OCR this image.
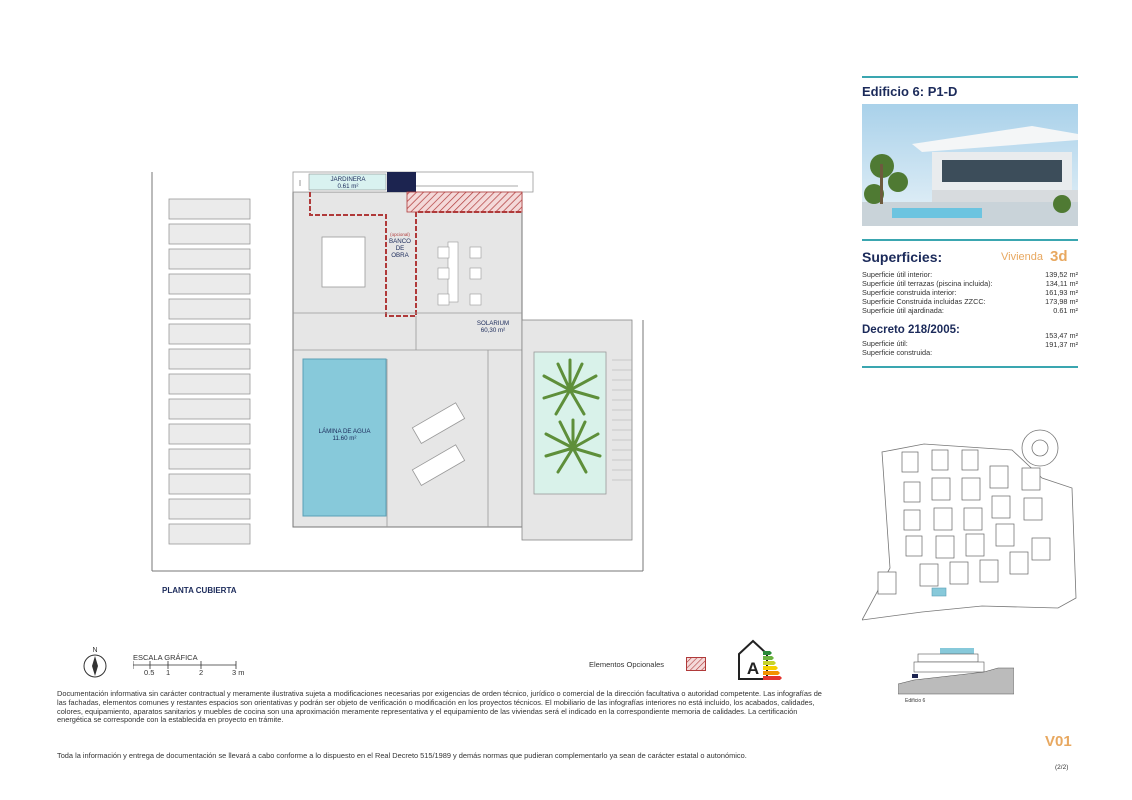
JARDINERA
0.61 m²
(opcional)
BANCO
DE
OBRA
SOLARIUM
60,30 m²
LÁMINA DE AGUA
11.60 m²
PLANTA CUBIERTA
Edificio 6: P1-D
Superficies:	Vivienda 3d
Superficie útil interior:	139,52 m²
Superficie útil terrazas (piscina incluida):	134,11 m²
Superficie construida interior:	161,93 m²
Superficie Construida incluidas ZZCC:	173,98 m²
Superficie útil ajardinada:	0.61 m²
Decreto 218/2005:
Superficie útil:
153,47 m²
Superficie construida:
191,37 m²
Edificio 6
N
ESCALA GRÁFICA
0.5 1	2	3 m
Elementos Opcionales	A
Documentación informativa sin carácter contractual y meramente ilustrativa sujeta a modificaciones necesarias por exigencias de orden técnico, jurídico o comercial de la dirección facultativa o autoridad competente. Las infografías de las fachadas, elementos comunes y restantes espacios son orientativas y podrán ser objeto de verificación o modificación en los proyectos técnicos. El mobiliario de las infografías interiores no está incluido, los acabados, calidades, colores, equipamiento, aparatos sanitarios y muebles de cocina son una aproximación meramente representativa y el equipamiento de las viviendas será el indicado en la correspondiente memoria de calidades. La certificación energética se corresponde con la establecida en proyecto en trámite.
Toda la información y entrega de documentación se llevará a cabo conforme a lo dispuesto en el Real Decreto 515/1989 y demás normas que pudieran complementarlo ya sean de carácter estatal o autonómico.
V01
(2/2)
